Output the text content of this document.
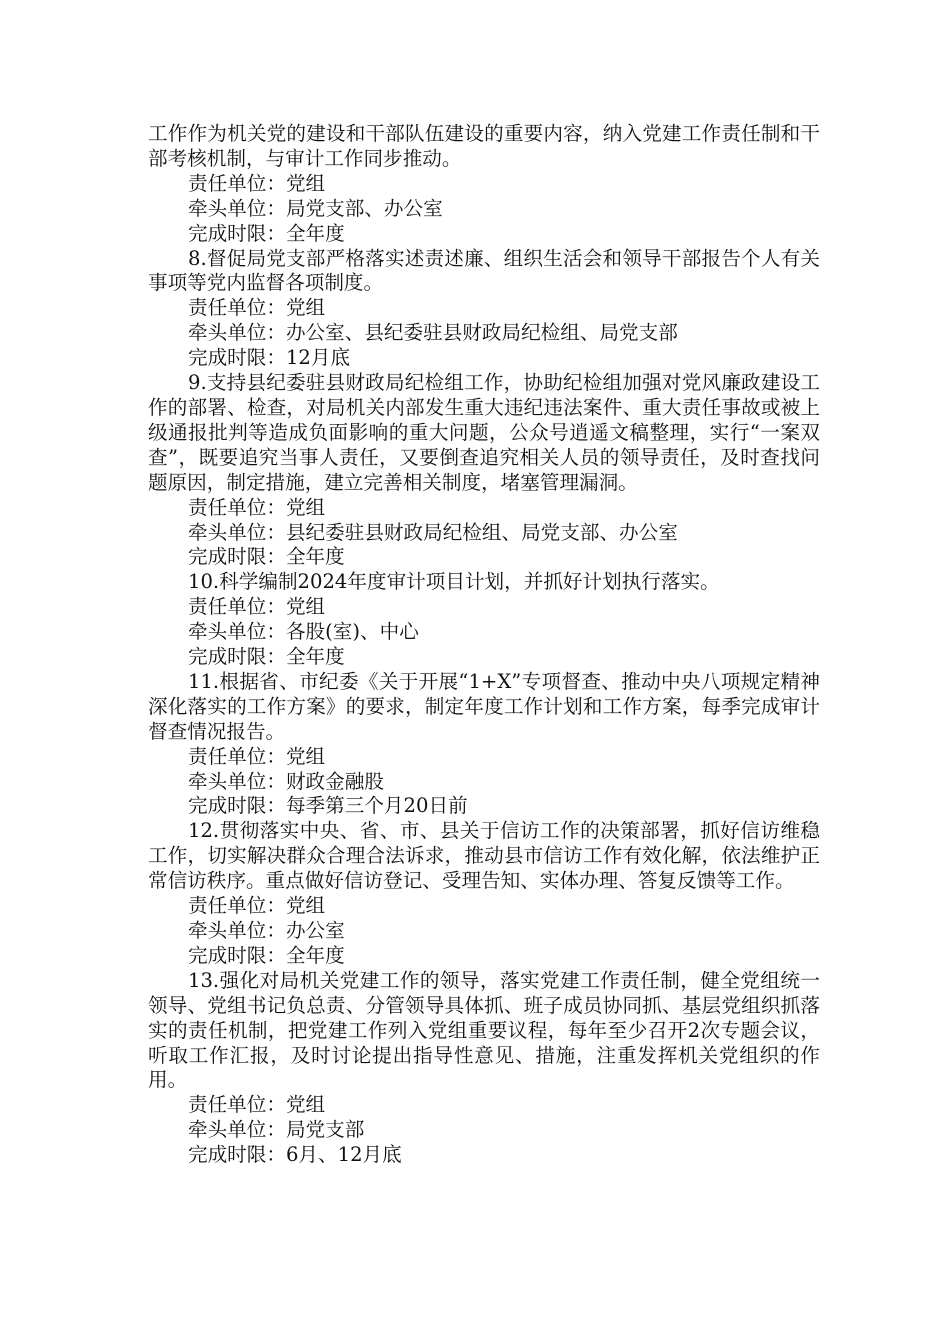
工作作为机关党的建设和干部队伍建设的重要内容，纳入党建工作责任制和干部考核机制，与审计工作同步推动。

责任单位：党组

牵头单位：局党支部、办公室

完成时限：全年度

8.督促局党支部严格落实述责述廉、组织生活会和领导干部报告个人有关事项等党内监督各项制度。

责任单位：党组

牵头单位：办公室、县纪委驻县财政局纪检组、局党支部

完成时限：12月底

9.支持县纪委驻县财政局纪检组工作，协助纪检组加强对党风廉政建设工作的部署、检查，对局机关内部发生重大违纪违法案件、重大责任事故或被上级通报批判等造成负面影响的重大问题，公众号逍遥文稿整理，实行“一案双查”，既要追究当事人责任，又要倒查追究相关人员的领导责任，及时查找问题原因，制定措施，建立完善相关制度，堵塞管理漏洞。

责任单位：党组

牵头单位：县纪委驻县财政局纪检组、局党支部、办公室

完成时限：全年度

10.科学编制2024年度审计项目计划，并抓好计划执行落实。

责任单位：党组

牵头单位：各股(室)、中心

完成时限：全年度

11.根据省、市纪委《关于开展“1+X”专项督查、推动中央八项规定精神深化落实的工作方案》的要求，制定年度工作计划和工作方案，每季完成审计督查情况报告。

责任单位：党组

牵头单位：财政金融股

完成时限：每季第三个月20日前

12.贯彻落实中央、省、市、县关于信访工作的决策部署，抓好信访维稳工作，切实解决群众合理合法诉求，推动县市信访工作有效化解，依法维护正常信访秩序。重点做好信访登记、受理告知、实体办理、答复反馈等工作。

责任单位：党组

牵头单位：办公室

完成时限：全年度

13.强化对局机关党建工作的领导，落实党建工作责任制，健全党组统一领导、党组书记负总责、分管领导具体抓、班子成员协同抓、基层党组织抓落实的责任机制，把党建工作列入党组重要议程，每年至少召开2次专题会议，听取工作汇报，及时讨论提出指导性意见、措施，注重发挥机关党组织的作用。

责任单位：党组

牵头单位：局党支部

完成时限：6月、12月底
